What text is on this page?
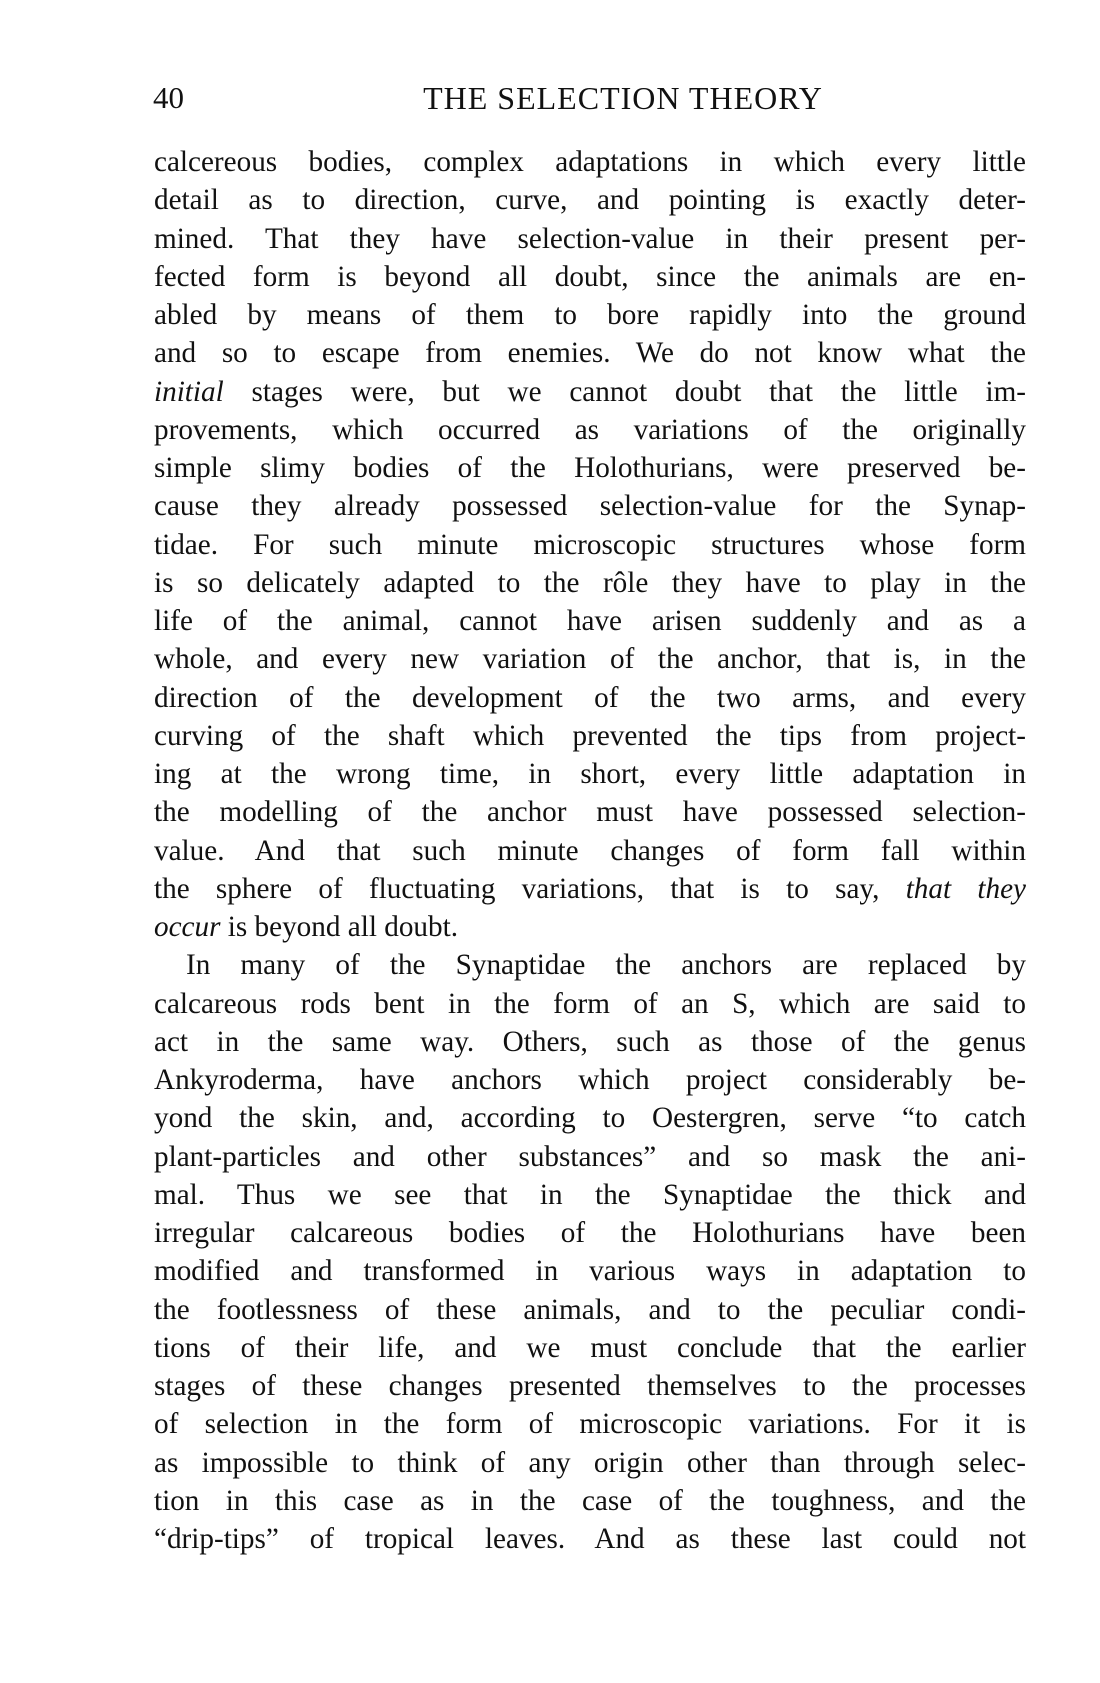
40	THE SELECTION THEORY
calcereous bodies, complex adaptations in which every little
detail as to direction, curve, and pointing is exactly deter-
mined. That they have selection-value in their present per-
fected form is beyond all doubt, since the animals are en-
abled by means of them to bore rapidly into the ground
and so to escape from enemies. We do not know what the
initial stages were, but we cannot doubt that the little im-
provements, which occurred as variations of the originally
simple slimy bodies of the Holothurians, were preserved be-
cause they already possessed selection-value for the Synap-
tidae. For such minute microscopic structures whose form
is so delicately adapted to the rôle they have to play in the
life of the animal, cannot have arisen suddenly and as a
whole, and every new variation of the anchor, that is, in the
direction of the development of the two arms, and every
curving of the shaft which prevented the tips from project-
ing at the wrong time, in short, every little adaptation in
the modelling of the anchor must have possessed selection-
value. And that such minute changes of form fall within
the sphere of fluctuating variations, that is to say, that they
occur is beyond all doubt.
In many of the Synaptidae the anchors are replaced by
calcareous rods bent in the form of an S, which are said to
act in the same way. Others, such as those of the genus
Ankyroderma, have anchors which project considerably be-
yond the skin, and, according to Oestergren, serve “to catch
plant-particles and other substances” and so mask the ani-
mal. Thus we see that in the Synaptidae the thick and
irregular calcareous bodies of the Holothurians have been
modified and transformed in various ways in adaptation to
the footlessness of these animals, and to the peculiar condi-
tions of their life, and we must conclude that the earlier
stages of these changes presented themselves to the processes
of selection in the form of microscopic variations. For it is
as impossible to think of any origin other than through selec-
tion in this case as in the case of the toughness, and the
“drip-tips” of tropical leaves. And as these last could not
